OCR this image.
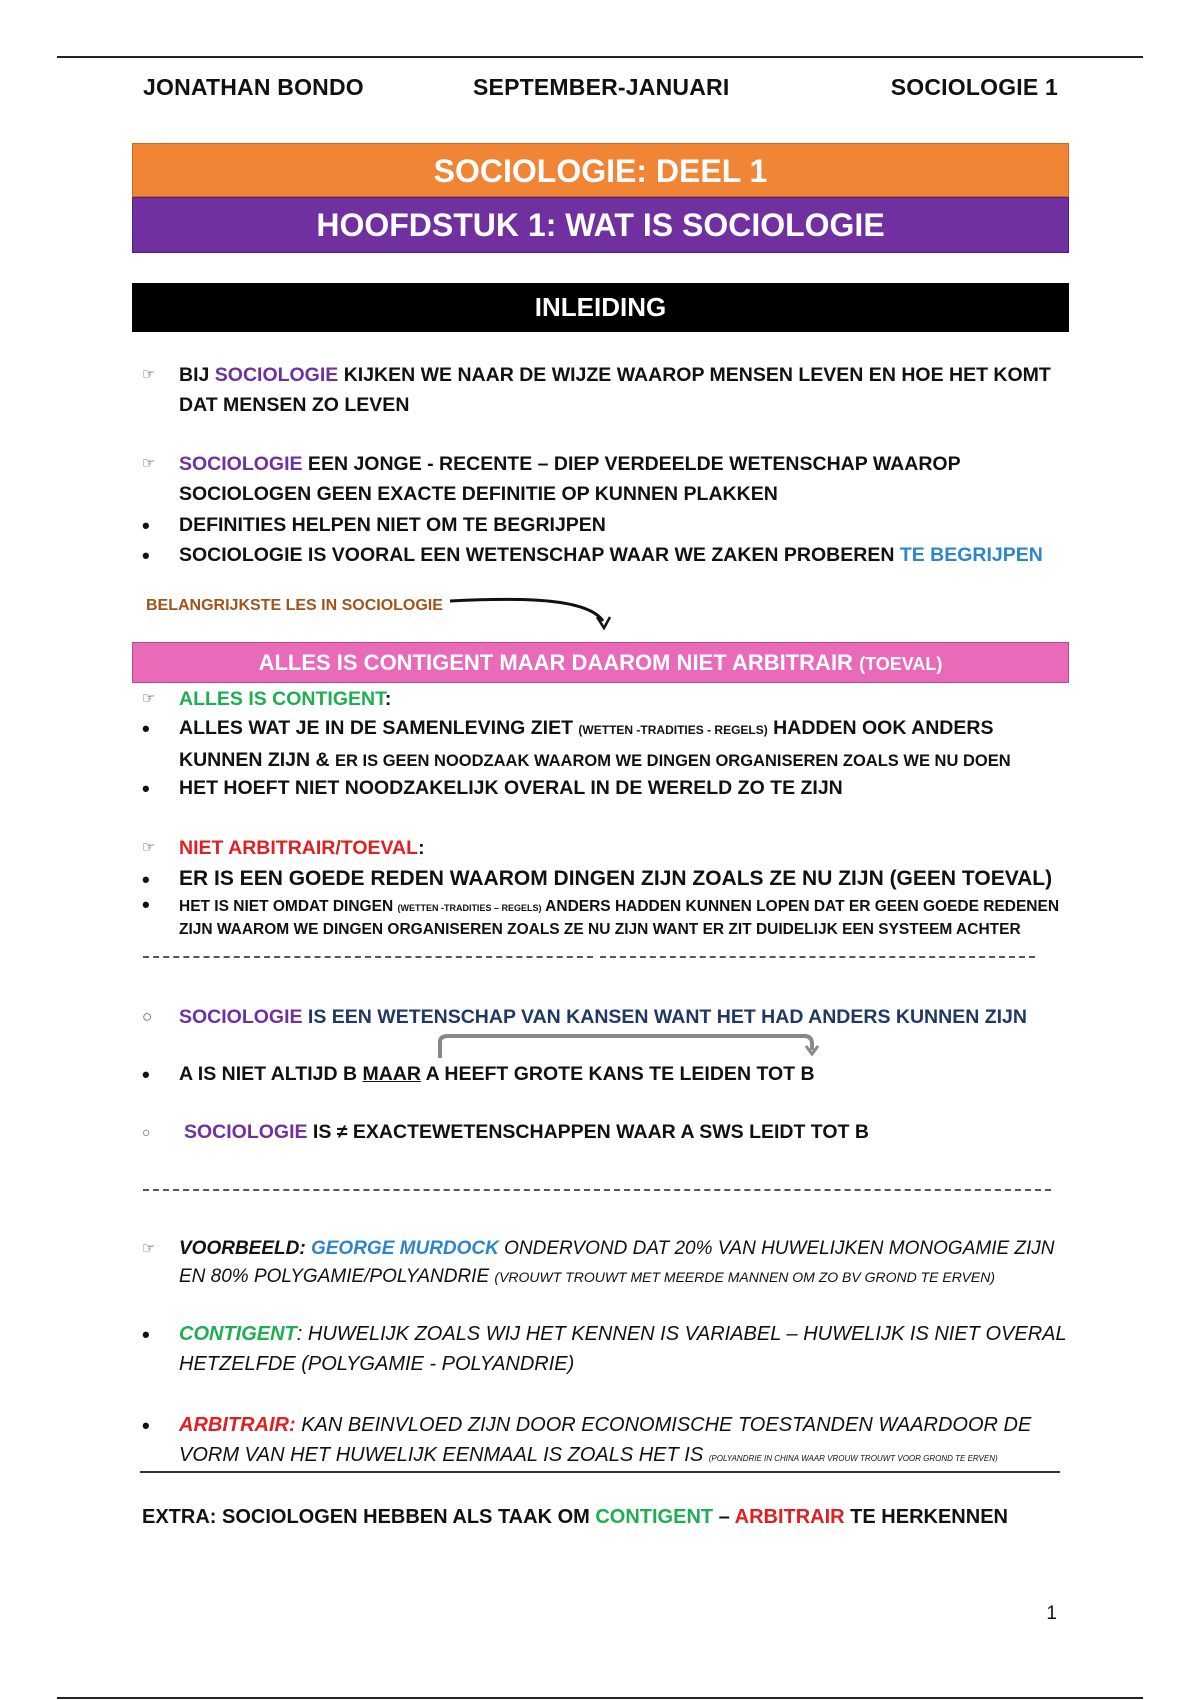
JONATHAN BONDO	SEPTEMBER-JANUARI	SOCIOLOGIE 1
SOCIOLOGIE: DEEL 1
HOOFDSTUK 1: WAT IS SOCIOLOGIE
INLEIDING
☞	BIJ SOCIOLOGIE KIJKEN WE NAAR DE WIJZE WAAROP MENSEN LEVEN EN HOE HET KOMT DAT MENSEN ZO LEVEN
☞	SOCIOLOGIE EEN JONGE - RECENTE – DIEP VERDEELDE WETENSCHAP WAAROP SOCIOLOGEN GEEN EXACTE DEFINITIE OP KUNNEN PLAKKEN
•	DEFINITIES HELPEN NIET OM TE BEGRIJPEN
•	SOCIOLOGIE IS VOORAL EEN WETENSCHAP WAAR WE ZAKEN PROBEREN TE BEGRIJPEN
BELANGRIJKSTE LES IN SOCIOLOGIE
ALLES IS CONTIGENT MAAR DAAROM NIET ARBITRAIR (TOEVAL)
☞	ALLES IS CONTIGENT:
•	ALLES WAT JE IN DE SAMENLEVING ZIET (WETTEN -TRADITIES - REGELS) HADDEN OOK ANDERS KUNNEN ZIJN & ER IS GEEN NOODZAAK WAAROM WE DINGEN ORGANISEREN ZOALS WE NU DOEN
•	HET HOEFT NIET NOODZAKELIJK OVERAL IN DE WERELD ZO TE ZIJN
☞	NIET ARBITRAIR/TOEVAL:
•	ER IS EEN GOEDE REDEN WAAROM DINGEN ZIJN ZOALS ZE NU ZIJN (GEEN TOEVAL)
•	HET IS NIET OMDAT DINGEN (WETTEN -TRADITIES – REGELS) ANDERS HADDEN KUNNEN LOPEN DAT ER GEEN GOEDE REDENEN ZIJN WAAROM WE DINGEN ORGANISEREN ZOALS ZE NU ZIJN WANT ER ZIT DUIDELIJK EEN SYSTEEM ACHTER
○	SOCIOLOGIE IS EEN WETENSCHAP VAN KANSEN WANT HET HAD ANDERS KUNNEN ZIJN
•	A IS NIET ALTIJD B MAAR A HEEFT GROTE KANS TE LEIDEN TOT B
○	SOCIOLOGIE IS ≠ EXACTEWETENSCHAPPEN WAAR A SWS LEIDT TOT B
☞	VOORBEELD: GEORGE MURDOCK ONDERVOND DAT 20% VAN HUWELIJKEN MONOGAMIE ZIJN EN 80% POLYGAMIE/POLYANDRIE (VROUWT TROUWT MET MEERDE MANNEN OM ZO BV GROND TE ERVEN)
•	CONTIGENT: HUWELIJK ZOALS WIJ HET KENNEN IS VARIABEL – HUWELIJK IS NIET OVERAL HETZELFDE (POLYGAMIE - POLYANDRIE)
•	ARBITRAIR: KAN BEINVLOED ZIJN DOOR ECONOMISCHE TOESTANDEN WAARDOOR DE VORM VAN HET HUWELIJK EENMAAL IS ZOALS HET IS (POLYANDRIE IN CHINA WAAR VROUW TROUWT VOOR GROND TE ERVEN)
EXTRA: SOCIOLOGEN HEBBEN ALS TAAK OM CONTIGENT – ARBITRAIR TE HERKENNEN
1
